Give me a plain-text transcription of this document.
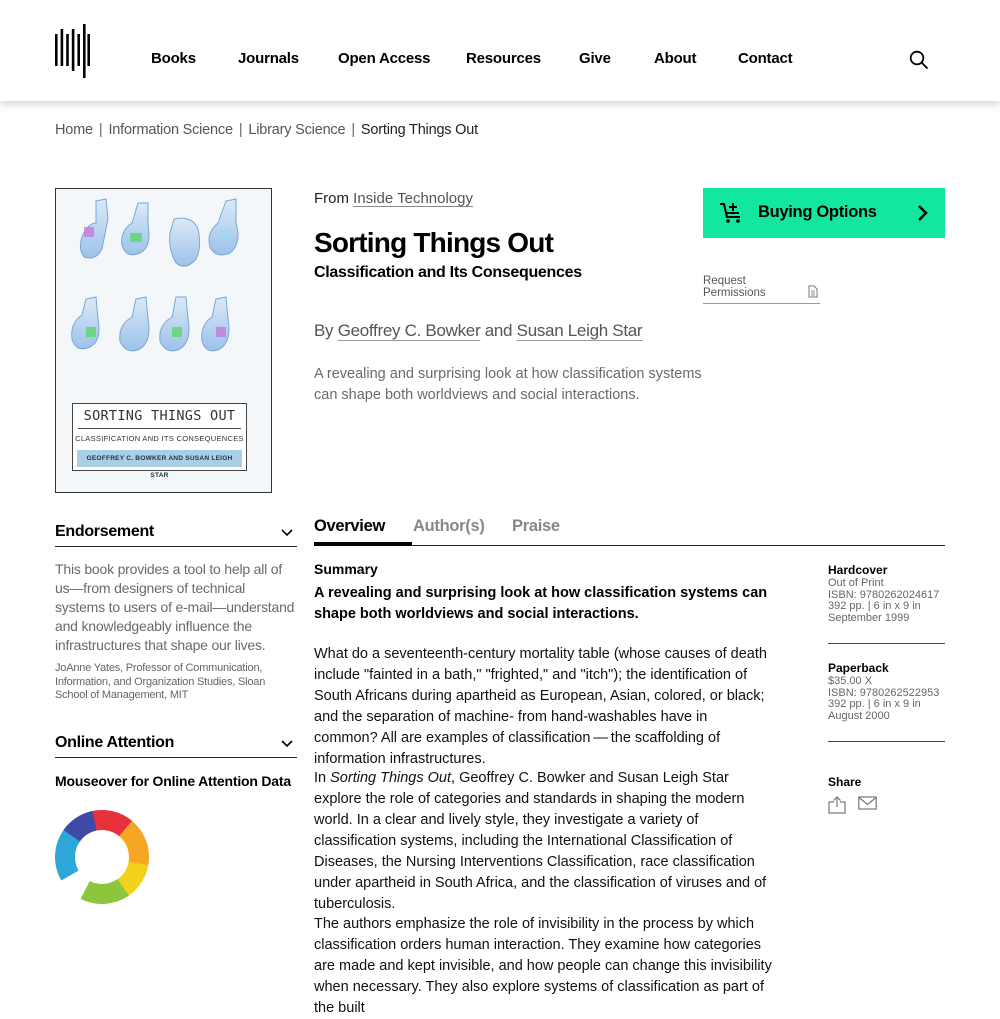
Books	Journals	Open Access Resources	Give	About	Contact
Home | Information Science | Library Science | Sorting Things Out
SORTING THINGS OUT
CLASSIFICATION AND ITS CONSEQUENCES
GEOFFREY C. BOWKER AND SUSAN LEIGH STAR
From Inside Technology
Sorting Things Out
Classification and Its Consequences
By Geoffrey C. Bowker and Susan Leigh Star
A revealing and surprising look at how classification systems can shape both worldviews and social interactions.
Buying Options
Request
Permissions
Endorsement
This book provides a tool to help all of us—from designers of technical systems to users of e-mail—understand and knowledgeably influence the infrastructures that shape our lives.
JoAnne Yates, Professor of Communication, Information, and Organization Studies, Sloan School of Management, MIT
Online Attention
Mouseover for Online Attention Data
Overview Author(s) Praise
Summary
A revealing and surprising look at how classification systems can shape both worldviews and social interactions.
What do a seventeenth-century mortality table (whose causes of death include "fainted in a bath," "frighted," and "itch"); the identification of South Africans during apartheid as European, Asian, colored, or black; and the separation of machine- from hand-washables have in common? All are examples of classification — the scaffolding of information infrastructures.
In Sorting Things Out, Geoffrey C. Bowker and Susan Leigh Star explore the role of categories and standards in shaping the modern world. In a clear and lively style, they investigate a variety of classification systems, including the International Classification of Diseases, the Nursing Interventions Classification, race classification under apartheid in South Africa, and the classification of viruses and of tuberculosis.
The authors emphasize the role of invisibility in the process by which classification orders human interaction. They examine how categories are made and kept invisible, and how people can change this invisibility when necessary. They also explore systems of classification as part of the built
Hardcover
Out of Print
ISBN: 9780262024617
392 pp. | 6 in x 9 in
September 1999
Paperback
$35.00 X
ISBN: 9780262522953
392 pp. | 6 in x 9 in
August 2000
Share
